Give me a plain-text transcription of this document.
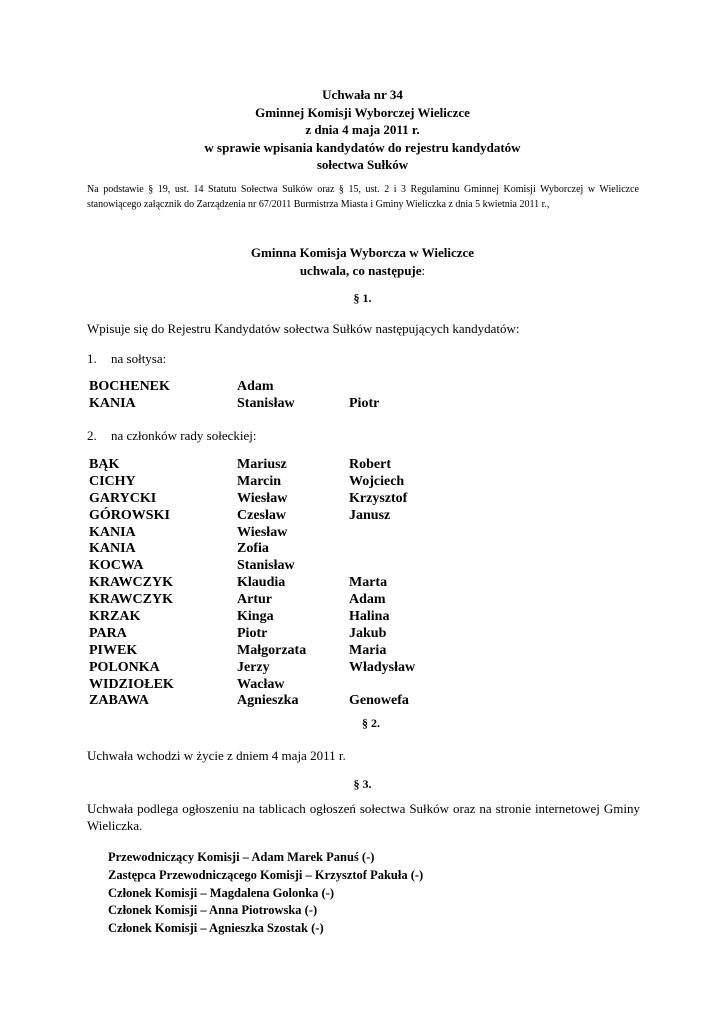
Uchwała nr 34
Gminnej Komisji Wyborczej Wieliczce
z dnia 4 maja 2011 r.
w sprawie wpisania kandydatów do rejestru kandydatów
sołectwa Sułków
Na podstawie § 19, ust. 14 Statutu Sołectwa Sułków oraz § 15, ust. 2 i 3 Regulaminu Gminnej Komisji Wyborczej w Wieliczce stanowiącego załącznik do Zarządzenia nr 67/2011 Burmistrza Miasta i Gminy Wieliczka z dnia 5 kwietnia 2011 r.,
Gminna Komisja Wyborcza w Wieliczce
uchwala, co następuje:
§ 1.
Wpisuje się do Rejestru Kandydatów sołectwa Sułków następujących kandydatów:
1. na sołtysa:
BOCHENEK	Adam
KANIA	Stanisław	Piotr
2. na członków rady sołeckiej:
BĄK	Mariusz	Robert
CICHY	Marcin	Wojciech
GARYCKI	Wiesław	Krzysztof
GÓROWSKI	Czesław	Janusz
KANIA	Wiesław
KANIA	Zofia
KOCWA	Stanisław
KRAWCZYK	Klaudia	Marta
KRAWCZYK	Artur	Adam
KRZAK	Kinga	Halina
PARA	Piotr	Jakub
PIWEK	Małgorzata	Maria
POLONKA	Jerzy	Władysław
WIDZIOŁEK	Wacław
ZABAWA	Agnieszka	Genowefa
§ 2.
Uchwała wchodzi w życie z dniem 4 maja 2011 r.
§ 3.
Uchwała podlega ogłoszeniu na tablicach ogłoszeń sołectwa Sułków oraz na stronie internetowej Gminy Wieliczka.
Przewodniczący Komisji – Adam Marek Panuś (-)
Zastępca Przewodniczącego Komisji – Krzysztof Pakuła (-)
Członek Komisji – Magdalena Golonka (-)
Członek Komisji – Anna Piotrowska (-)
Członek Komisji – Agnieszka Szostak (-)
